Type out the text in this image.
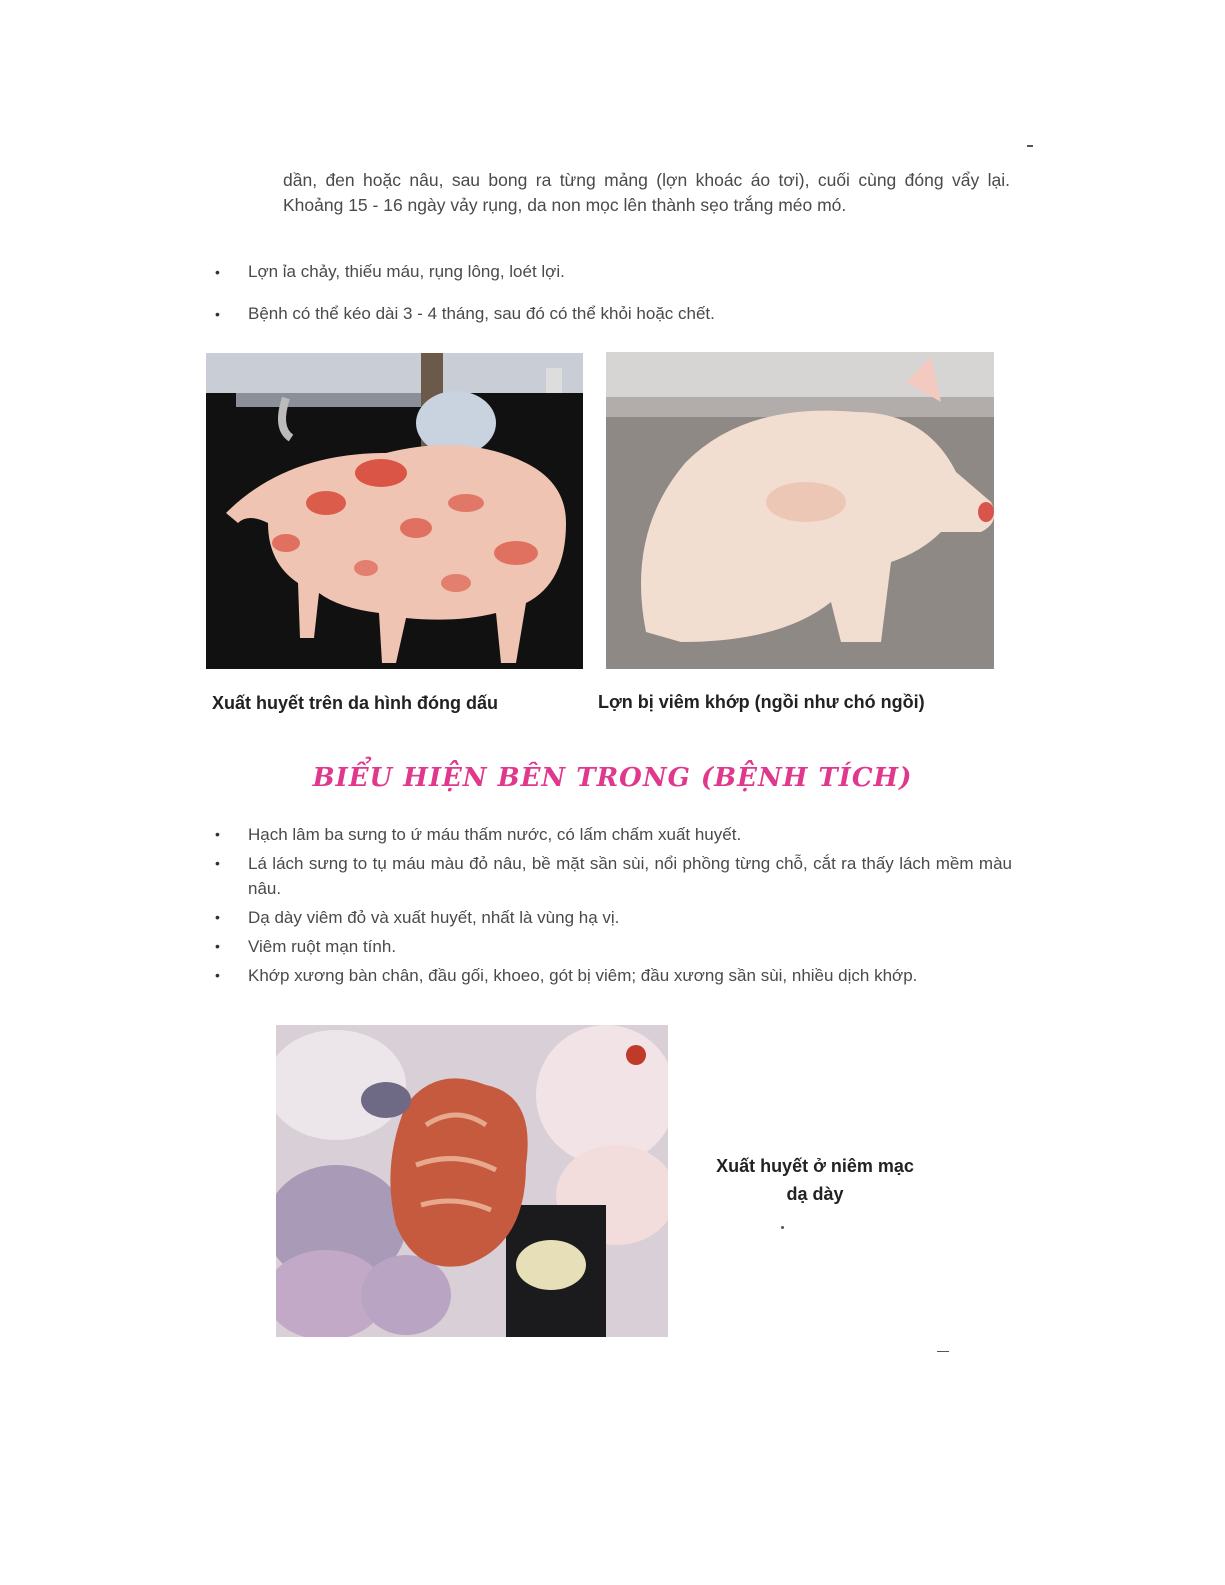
dần, đen hoặc nâu, sau bong ra từng mảng (lợn khoác áo tơi), cuối cùng đóng vẩy lại. Khoảng 15 - 16 ngày vảy rụng, da non mọc lên thành sẹo trắng méo mó.

• Lợn ỉa chảy, thiếu máu, rụng lông, loét lợi.
• Bệnh có thể kéo dài 3 - 4 tháng, sau đó có thể khỏi hoặc chết.

Xuất huyết trên da hình đóng dấu	Lợn bị viêm khớp (ngồi như chó ngồi)

BIỂU HIỆN BÊN TRONG (BỆNH TÍCH)
• Hạch lâm ba sưng to ứ máu thấm nước, có lấm chấm xuất huyết.
• Lá lách sưng to tụ máu màu đỏ nâu, bề mặt sần sùi, nổi phồng từng chỗ, cắt ra thấy lách mềm màu nâu.
• Dạ dày viêm đỏ và xuất huyết, nhất là vùng hạ vị.
• Viêm ruột mạn tính.
• Khớp xương bàn chân, đầu gối, khoeo, gót bị viêm; đầu xương sần sùi, nhiều dịch khớp.
Xuất huyết ở niêm mạc
dạ dày
